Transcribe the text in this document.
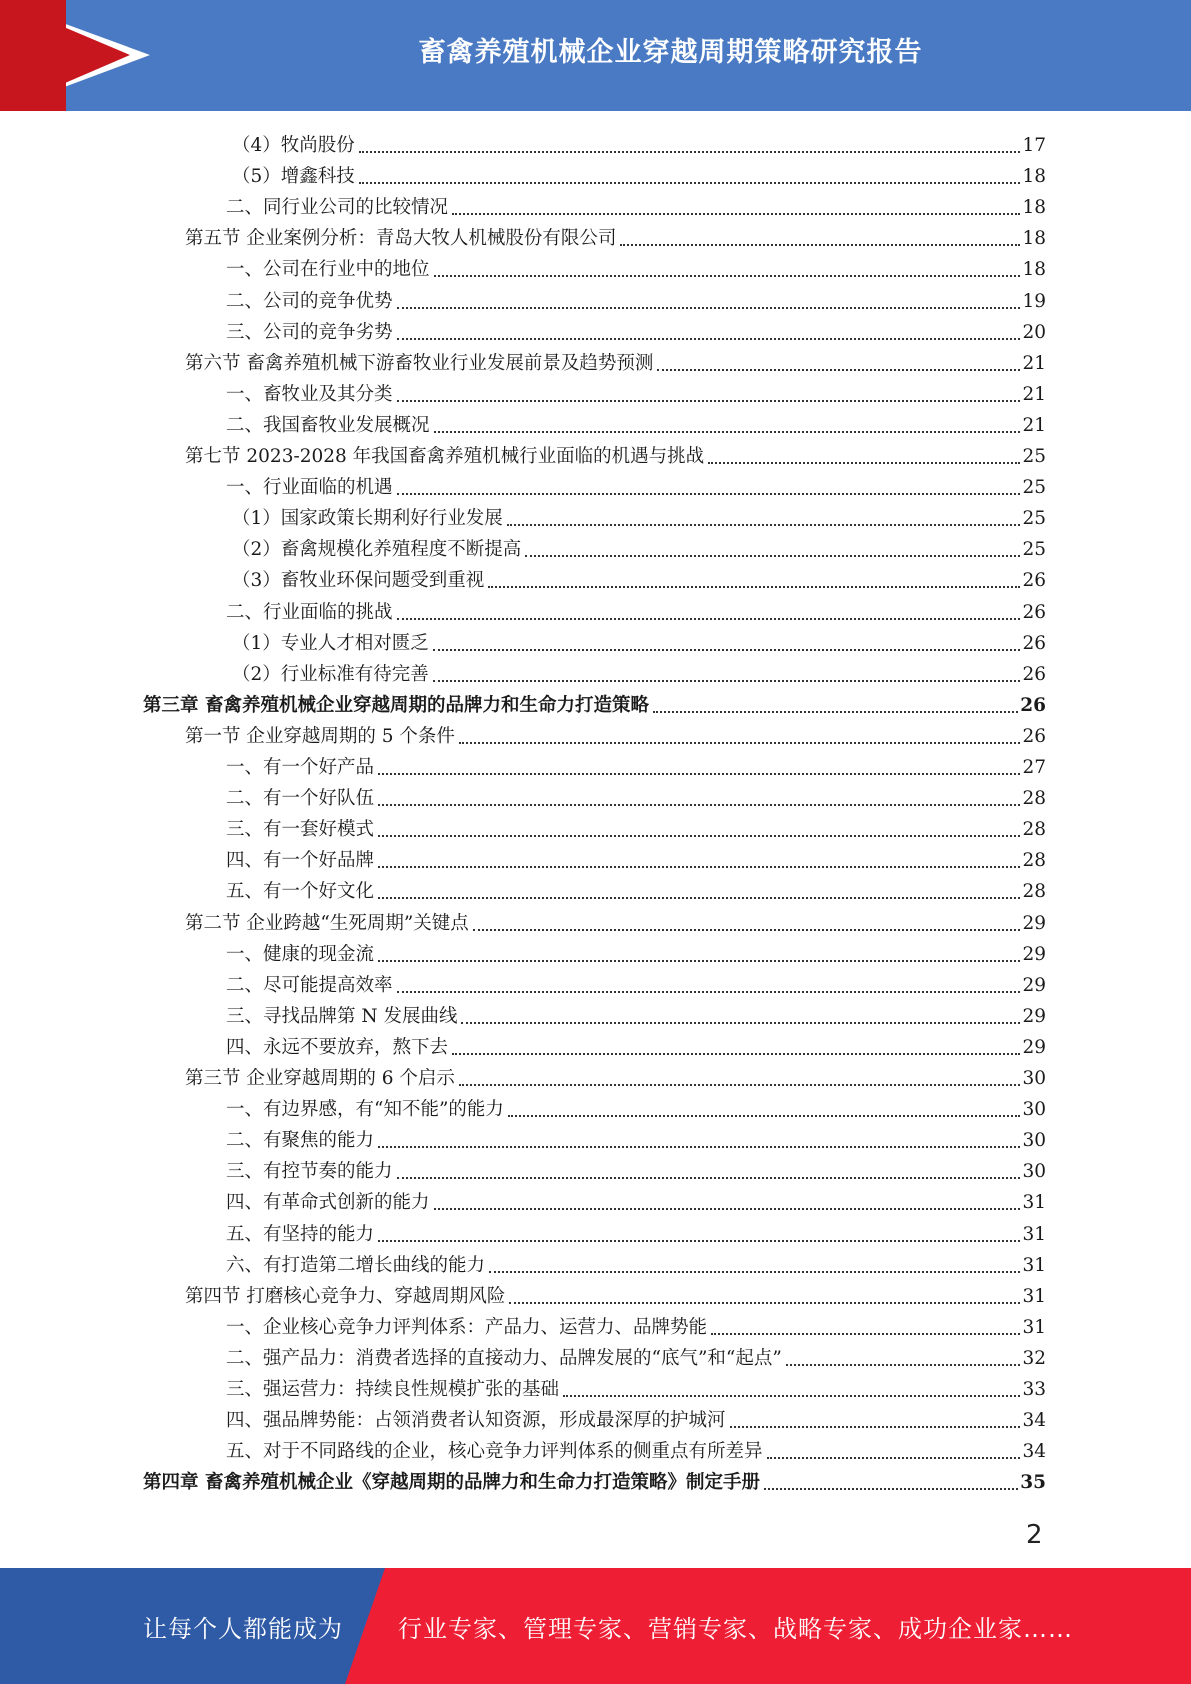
畜禽养殖机械企业穿越周期策略研究报告
（4）牧尚股份	17
（5）增鑫科技	18
二、同行业公司的比较情况	18
第五节 企业案例分析：青岛大牧人机械股份有限公司	18
一、公司在行业中的地位	18
二、公司的竞争优势	19
三、公司的竞争劣势	20
第六节 畜禽养殖机械下游畜牧业行业发展前景及趋势预测	21
一、畜牧业及其分类	21
二、我国畜牧业发展概况	21
第七节 2023-2028 年我国畜禽养殖机械行业面临的机遇与挑战	25
一、行业面临的机遇	25
（1）国家政策长期利好行业发展	25
（2）畜禽规模化养殖程度不断提高	25
（3）畜牧业环保问题受到重视	26
二、行业面临的挑战	26
（1）专业人才相对匮乏	26
（2）行业标准有待完善	26
第三章 畜禽养殖机械企业穿越周期的品牌力和生命力打造策略	26
第一节 企业穿越周期的 5 个条件	26
一、有一个好产品	27
二、有一个好队伍	28
三、有一套好模式	28
四、有一个好品牌	28
五、有一个好文化	28
第二节 企业跨越“生死周期”关键点	29
一、健康的现金流	29
二、尽可能提高效率	29
三、寻找品牌第 N 发展曲线	29
四、永远不要放弃，熬下去	29
第三节 企业穿越周期的 6 个启示	30
一、有边界感，有“知不能”的能力	30
二、有聚焦的能力	30
三、有控节奏的能力	30
四、有革命式创新的能力	31
五、有坚持的能力	31
六、有打造第二增长曲线的能力	31
第四节 打磨核心竞争力、穿越周期风险	31
一、企业核心竞争力评判体系：产品力、运营力、品牌势能	31
二、强产品力：消费者选择的直接动力、品牌发展的“底气”和“起点”	32
三、强运营力：持续良性规模扩张的基础	33
四、强品牌势能：占领消费者认知资源，形成最深厚的护城河	34
五、对于不同路线的企业，核心竞争力评判体系的侧重点有所差异	34
第四章 畜禽养殖机械企业《穿越周期的品牌力和生命力打造策略》制定手册	35
2
让每个人都能成为 行业专家、管理专家、营销专家、战略专家、成功企业家……
